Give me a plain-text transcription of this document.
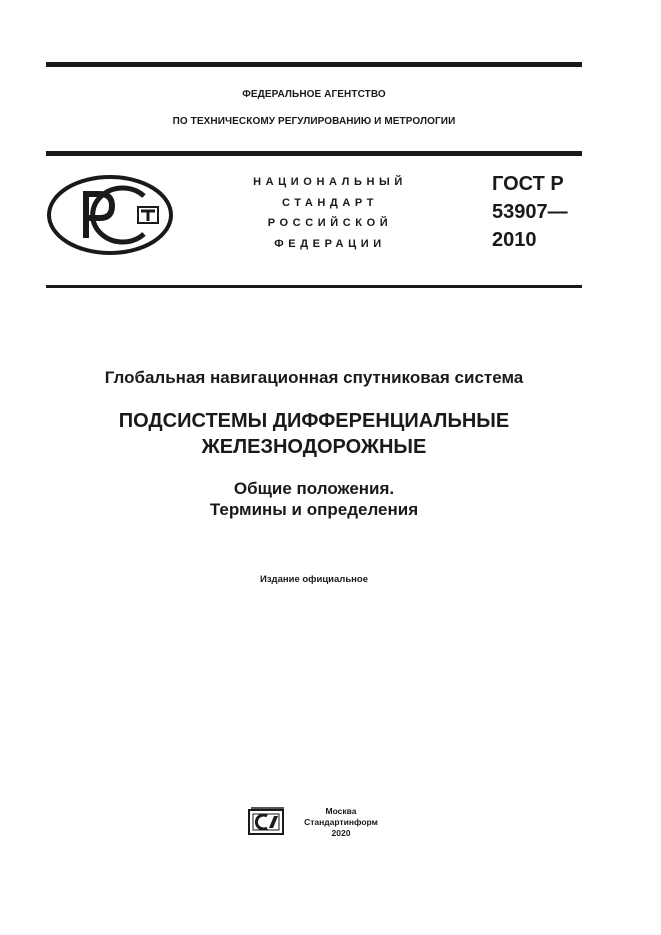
ФЕДЕРАЛЬНОЕ АГЕНТСТВО
ПО ТЕХНИЧЕСКОМУ РЕГУЛИРОВАНИЮ И МЕТРОЛОГИИ
НАЦИОНАЛЬНЫЙ
СТАНДАРТ
РОССИЙСКОЙ
ФЕДЕРАЦИИ
ГОСТ Р
53907—
2010
Глобальная навигационная спутниковая система
ПОДСИСТЕМЫ ДИФФЕРЕНЦИАЛЬНЫЕ
ЖЕЛЕЗНОДОРОЖНЫЕ
Общие положения.
Термины и определения
Издание официальное
Москва
Стандартинформ
2020
